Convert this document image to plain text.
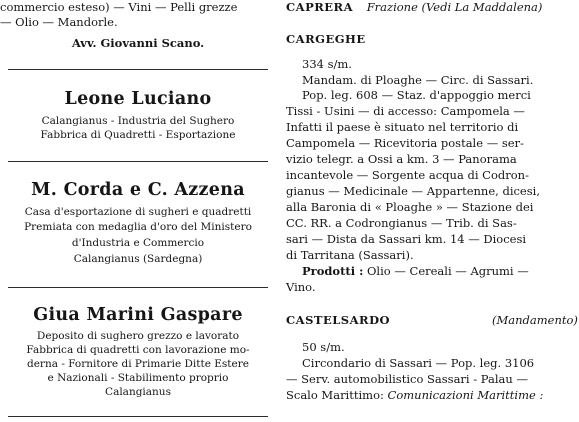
commercio esteso) — Vini — Pelli grezze
— Olio — Mandorle.
Avv. Giovanni Scano.
Leone Luciano
Calangianus - Industria del Sughero
Fabbrica di Quadretti - Esportazione
M. Corda e C. Azzena
Casa d'esportazione di sugheri e quadretti
Premiata con medaglia d'oro del Ministero
d'Industria e Commercio
Calangianus (Sardegna)
Giua Marini Gaspare
Deposito di sughero grezzo e lavorato
Fabbrica di quadretti con lavorazione mo-
derna - Fornitore di Primarie Ditte Estere
e Nazionali - Stabilimento proprio
Calangianus
CAPRERA Frazione (Vedi La Maddalena)
CARGEGHE
334 s/m.
Mandam. di Ploaghe — Circ. di Sassari.
Pop. leg. 608 — Staz. d'appoggio merci
Tissi - Usini — di accesso: Campomela —
Infatti il paese è situato nel territorio di
Campomela — Ricevitoria postale — ser-
vizio telegr. a Ossi a km. 3 — Panorama
incantevole — Sorgente acqua di Codron-
gianus — Medicinale — Appartenne, dicesi,
alla Baronia di « Ploaghe » — Stazione dei
CC. RR. a Codrongianus — Trib. di Sas-
sari — Dista da Sassari km. 14 — Diocesi
di Tarritana (Sassari).
Prodotti : Olio — Cereali — Agrumi —
Vino.
CASTELSARDO	(Mandamento)
50 s/m.
Circondario di Sassari — Pop. leg. 3106
— Serv. automobilistico Sassari - Palau —
Scalo Marittimo: Comunicazioni Marittime :
